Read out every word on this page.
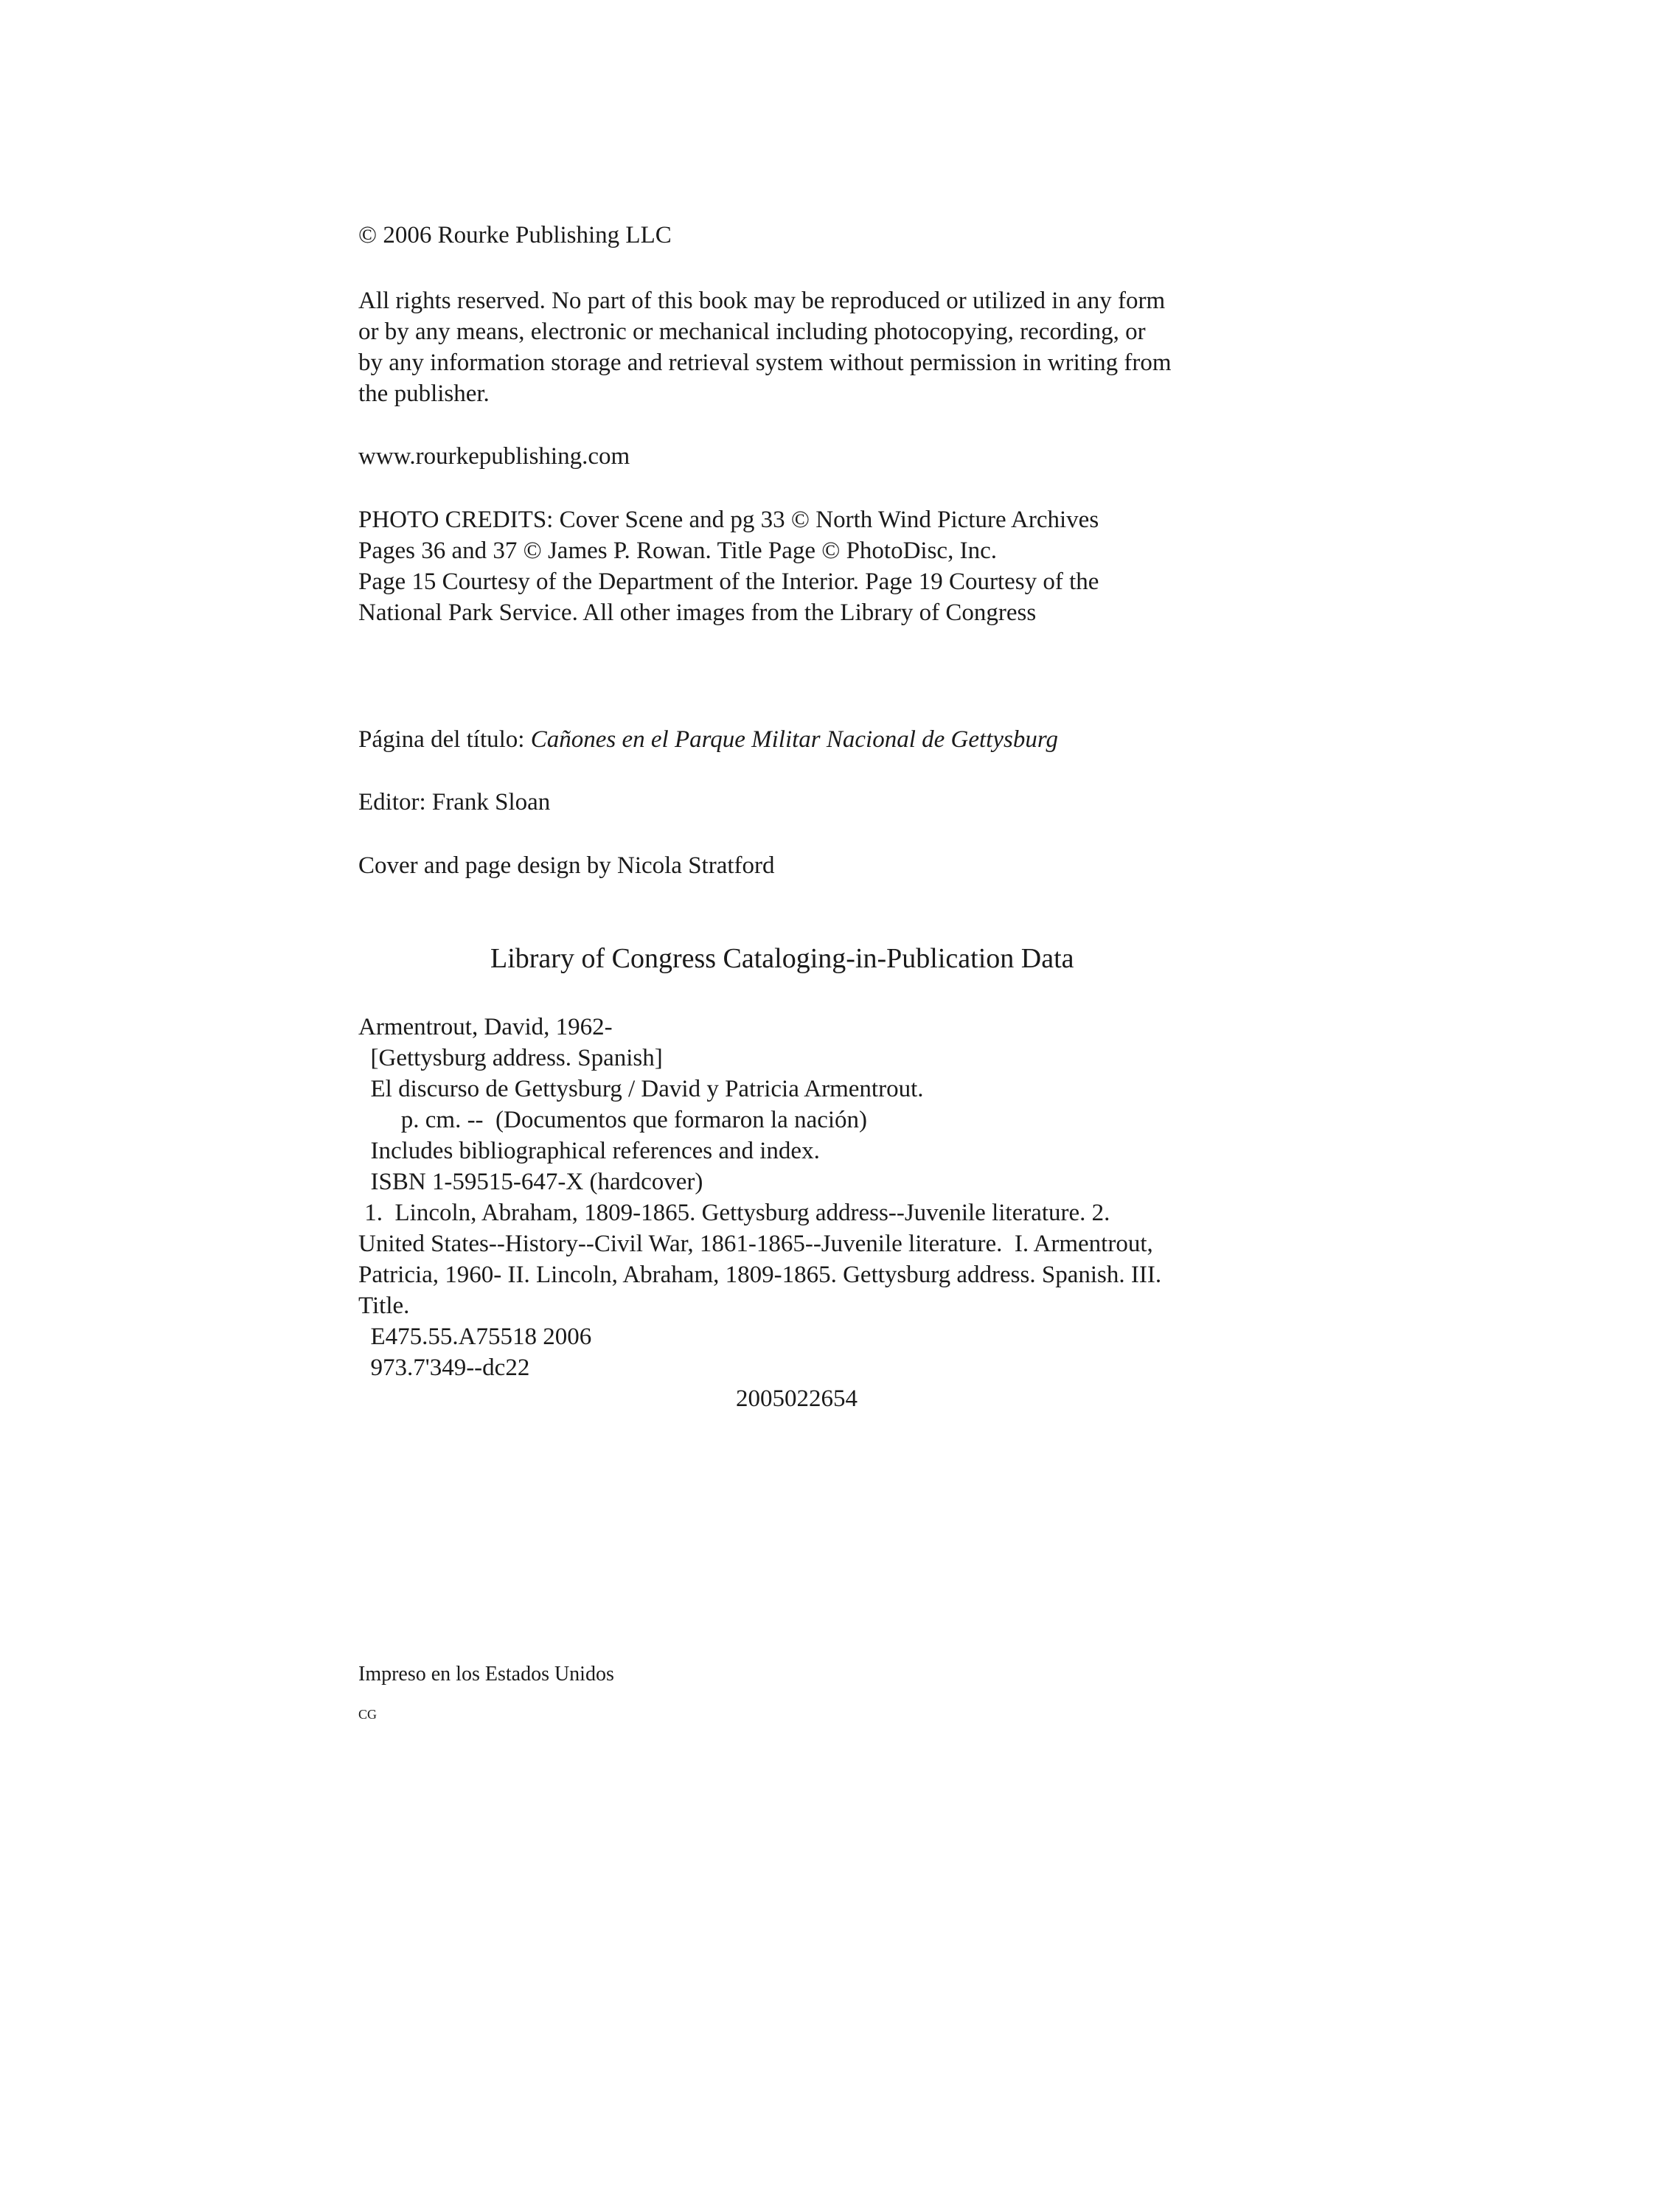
© 2006 Rourke Publishing LLC

All rights reserved. No part of this book may be reproduced or utilized in any form

or by any means, electronic or mechanical including photocopying, recording, or

by any information storage and retrieval system without permission in writing from

the publisher.

www.rourkepublishing.com

PHOTO CREDITS: Cover Scene and pg 33 © North Wind Picture Archives

Pages 36 and 37 © James P. Rowan. Title Page © PhotoDisc, Inc.

Page 15 Courtesy of the Department of the Interior. Page 19 Courtesy of the

National Park Service. All other images from the Library of Congress

Página del título: Cañones en el Parque Militar Nacional de Gettysburg

Editor: Frank Sloan

Cover and page design by Nicola Stratford

Library of Congress Cataloging-in-Publication Data

Armentrout, David, 1962-

[Gettysburg address. Spanish]

El discurso de Gettysburg / David y Patricia Armentrout.

p. cm. --  (Documentos que formaron la nación)

Includes bibliographical references and index.

ISBN 1-59515-647-X (hardcover)

1.  Lincoln, Abraham, 1809-1865. Gettysburg address--Juvenile literature. 2.

United States--History--Civil War, 1861-1865--Juvenile literature.  I. Armentrout,

Patricia, 1960- II. Lincoln, Abraham, 1809-1865. Gettysburg address. Spanish. III.

Title.

E475.55.A75518 2006

973.7'349--dc22

2005022654

Impreso en los Estados Unidos

CG
